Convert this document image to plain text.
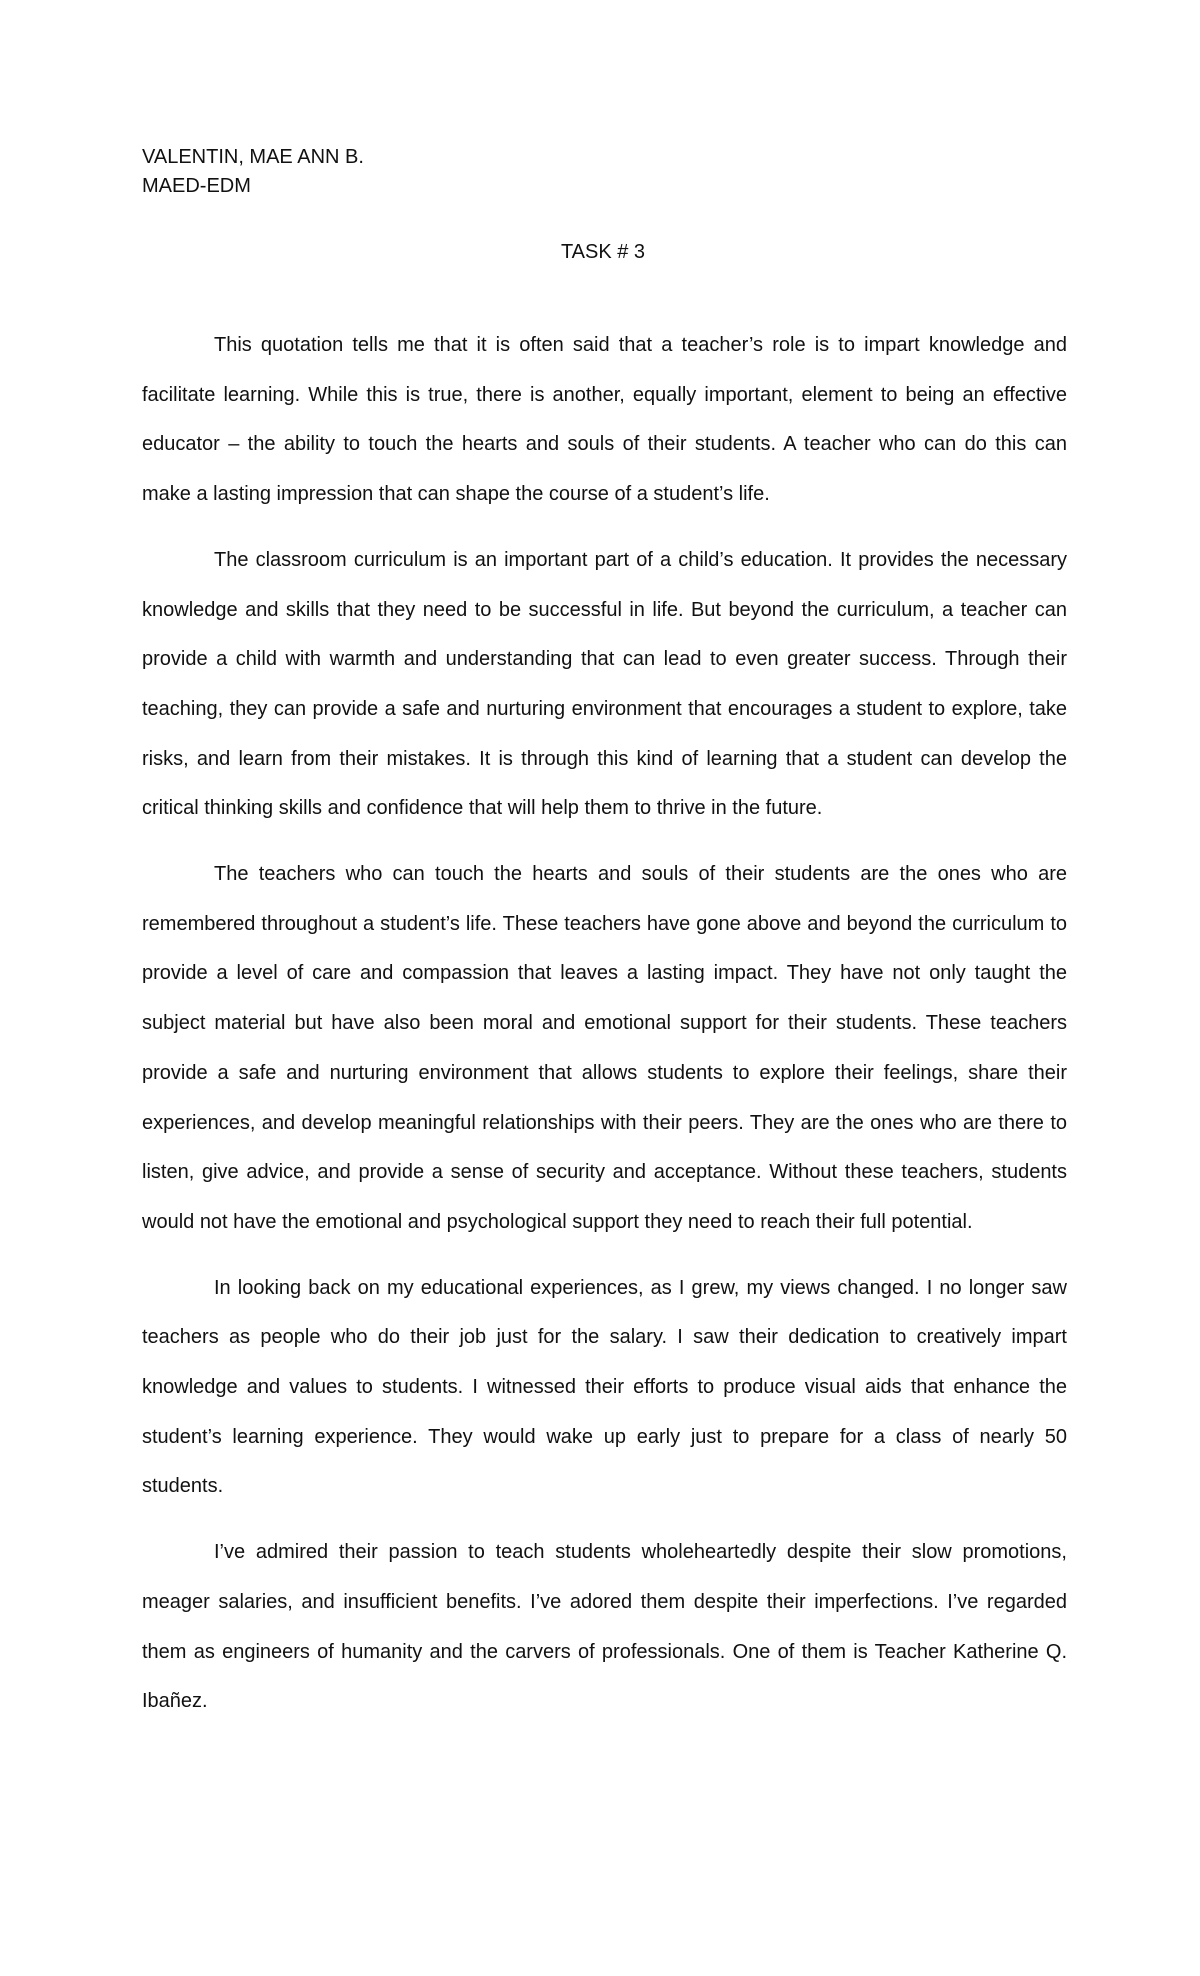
VALENTIN, MAE ANN B.
MAED-EDM
TASK # 3

This quotation tells me that it is often said that a teacher’s role is to impart knowledge and facilitate learning. While this is true, there is another, equally important, element to being an effective educator – the ability to touch the hearts and souls of their students. A teacher who can do this can make a lasting impression that can shape the course of a student’s life.

The classroom curriculum is an important part of a child’s education. It provides the necessary knowledge and skills that they need to be successful in life. But beyond the curriculum, a teacher can provide a child with warmth and understanding that can lead to even greater success. Through their teaching, they can provide a safe and nurturing environment that encourages a student to explore, take risks, and learn from their mistakes. It is through this kind of learning that a student can develop the critical thinking skills and confidence that will help them to thrive in the future.

The teachers who can touch the hearts and souls of their students are the ones who are remembered throughout a student’s life. These teachers have gone above and beyond the curriculum to provide a level of care and compassion that leaves a lasting impact. They have not only taught the subject material but have also been moral and emotional support for their students. These teachers provide a safe and nurturing environment that allows students to explore their feelings, share their experiences, and develop meaningful relationships with their peers. They are the ones who are there to listen, give advice, and provide a sense of security and acceptance. Without these teachers, students would not have the emotional and psychological support they need to reach their full potential.

In looking back on my educational experiences, as I grew, my views changed. I no longer saw teachers as people who do their job just for the salary. I saw their dedication to creatively impart knowledge and values to students. I witnessed their efforts to produce visual aids that enhance the student’s learning experience. They would wake up early just to prepare for a class of nearly 50 students.

I’ve admired their passion to teach students wholeheartedly despite their slow promotions, meager salaries, and insufficient benefits. I’ve adored them despite their imperfections. I’ve regarded them as engineers of humanity and the carvers of professionals. One of them is Teacher Katherine Q. Ibañez.
